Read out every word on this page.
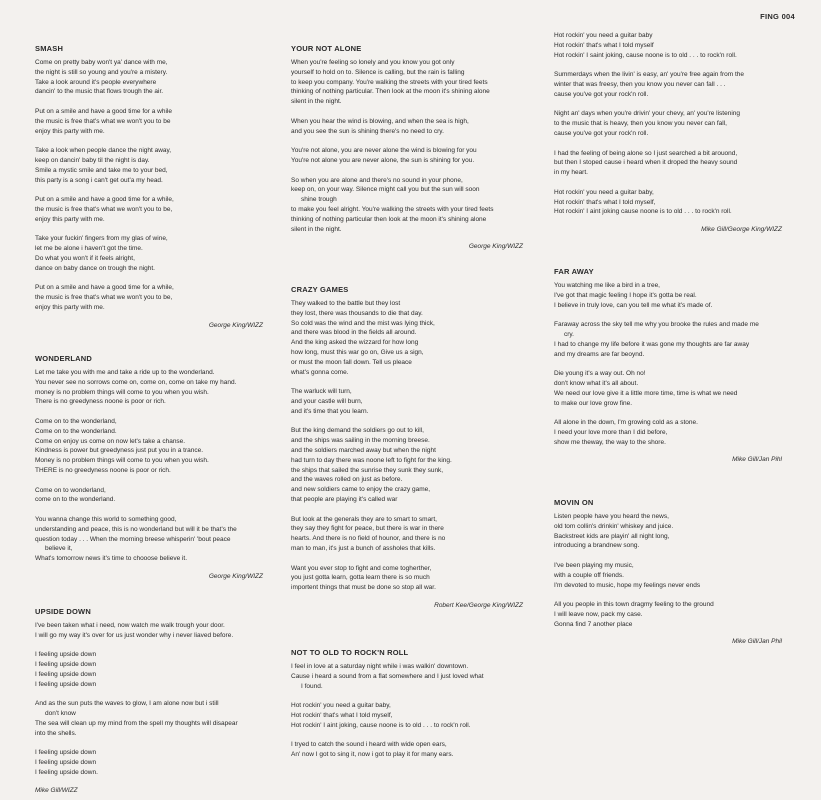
FING 004
SMASH
Come on pretty baby won't ya' dance with me,
the night is still so young and you're a mistery.
Take a look around it's people everywhere
dancin' to the music that flows trough the air.
Put on a smile and have a good time for a while
the music is free that's what we won't you to be
enjoy this party with me.
Take a look when people dance the night away,
keep on dancin' baby til the night is day.
Smile a mystic smile and take me to your bed,
this party is a song i can't get out'a my head.
Put on a smile and have a good time for a while,
the music is free that's what we won't you to be,
enjoy this party with me.
Take your fuckin' fingers from my glas of wine,
let me be alone i haven't got the time.
Do what you won't if it feels alright,
dance on baby dance on trough the night.
Put on a smile and have a good time for a while,
the music is free that's what we won't you to be,
enjoy this party with me.
George King/WIZZ
WONDERLAND
Let me take you with me and take a ride up to the wonderland.
You never see no sorrows come on, come on, come on take my hand.
money is no problem things will come to you when you wish.
There is no greedyness noone is poor or rich.
Come on to the wonderland,
Come on to the wonderland.
Come on enjoy us come on now let's take a chanse.
Kindness is power but greedyness just put you in a trance.
Money is no problem things will come to you when you wish.
THERE is no greedyness noone is poor or rich.
Come on to wonderland,
come on to the wonderland.
You wanna change this world to something good,
understanding and peace, this is no wonderland but will it be that's the
question today . . . When the morning breese whisperin' 'bout peace
believe it,
What's tomorrow news it's time to chooose believe it.
George King/WIZZ
UPSIDE DOWN
I've been taken what i need, now watch me walk trough your door.
I will go my way it's over for us just wonder why i never liaved before.
I feeling upside down
I feeling upside down
I feeling upside down
I feeling upside down
And as the sun puts the waves to glow, I am alone now but i still
don't know
The sea will clean up my mind from the spell my thoughts will disapear
into the shells.
I feeling upside down
I feeling upside down
I feeling upside down.
Mike Gill/WIZZ
YOUR NOT ALONE
When you're feeling so lonely and you know you got only
yourself to hold on to. Silence is calling, but the rain is falling
to keep you company. You're walking the streets with your tired feets
thinking of nothing particular. Then look at the moon it's shining alone
silent in the night.
When you hear the wind is blowing, and when the sea is high,
and you see the sun is shining there's no need to cry.
You're not alone, you are never alone the wind is blowing for you
You're not alone you are never alone, the sun is shining for you.
So when you are alone and there's no sound in your phone,
keep on, on your way. Silence might call you but the sun will soon
shine trough
to make you feel alright. You're walking the streets with your tired feets
thinking of nothing particular then look at the moon it's shining alone
silent in the night.
George King/WIZZ
CRAZY GAMES
They walked to the battle but they lost
they lost, there was thousands to die that day.
So cold was the wind and the mist was lying thick,
and there was blood in the fields all around.
And the king asked the wizzard for how long
how long, must this war go on, Give us a sign,
or must the moon fall down. Tell us pleace
what's gonna come.
The warluck will turn,
and your castle will burn,
and it's time that you learn.
But the king demand the soldiers go out to kill,
and the ships was sailing in the morning breese.
and the soldiers marched away but when the night
had turn to day there was noone left to fight for the king.
the ships that sailed the sunrise they sunk they sunk,
and the waves rolled on just as before.
and new soldiers came to enjoy the crazy game,
that people are playing it's called war
But look at the generals they are to smart to smart,
they say they fight for peace, but there is war in there
hearts. And there is no field of hounor, and there is no
man to man, it's just a bunch of assholes that kills.
Want you ever stop to fight and come togherther,
you just gotta learn, gotta learn there is so much
importent things that must be done so stop all war.
Robert Kee/George King/WIZZ
NOT TO OLD TO ROCK'N ROLL
I feel in love at a saturday night while i was walkin' downtown.
Cause i heard a sound from a flat somewhere and I just loved what
I found.
Hot rockin' you need a guitar baby,
Hot rockin' that's what I told myself,
Hot rockin' I aint joking, cause noone is to old . . . to rock'n roll.
I tryed to catch the sound i heard with wide open ears,
An' now I got to sing it, now i got to play it for many ears.
Hot rockin' you need a guitar baby
Hot rockin' that's what I told myself
Hot rockin' I saint joking, cause noone is to old . . . to rock'n roll.
Summerdays when the livin' is easy, an' you're free again from the
winter that was freesy, then you know you never can fall . . .
cause you've got your rock'n roll.
Night an' days when you're drivin' your chevy, an' you're listening
to the music that is heavy, then you know you never can fall,
cause you've got your rock'n roll.
I had the feeling of being alone so I just searched a bit arouond,
but then I stoped cause i heard when it droped the heavy sound
in my heart.
Hot rockin' you need a guitar baby,
Hot rockin' that's what I told myself,
Hot rockin' I aint joking cause noone is to old . . . to rock'n roll.
Mike Gill/George King/WIZZ
FAR AWAY
You watching me like a bird in a tree,
I've got that magic feeling I hope it's gotta be real.
I believe in truly love, can you tell me what it's made of.
Faraway across the sky tell me why you brooke the rules and made me
cry.
I had to change my life before it was gone my thoughts are far away
and my dreams are far beoynd.
Die young it's a way out. Oh no!
don't know what it's all about.
We need our love give it a little more time, time is what we need
to make our love grow fine.
All alone in the down, I'm growing cold as a stone.
I need your love more than I did before,
show me theway, the way to the shore.
Mike Gill/Jan Pihl
MOVIN ON
Listen people have you heard the news,
old tom collin's drinkin' whiskey and juice.
Backstreet kids are playin' all night long,
introducing a brandnew song.
I've been playing my music,
with a couple off friends.
I'm devoted to music, hope my feelings never ends
All you people in this town dragmy feeling to the ground
I will leave now, pack my case.
Gonna find 7 another place
Mike Gill/Jan Phil
